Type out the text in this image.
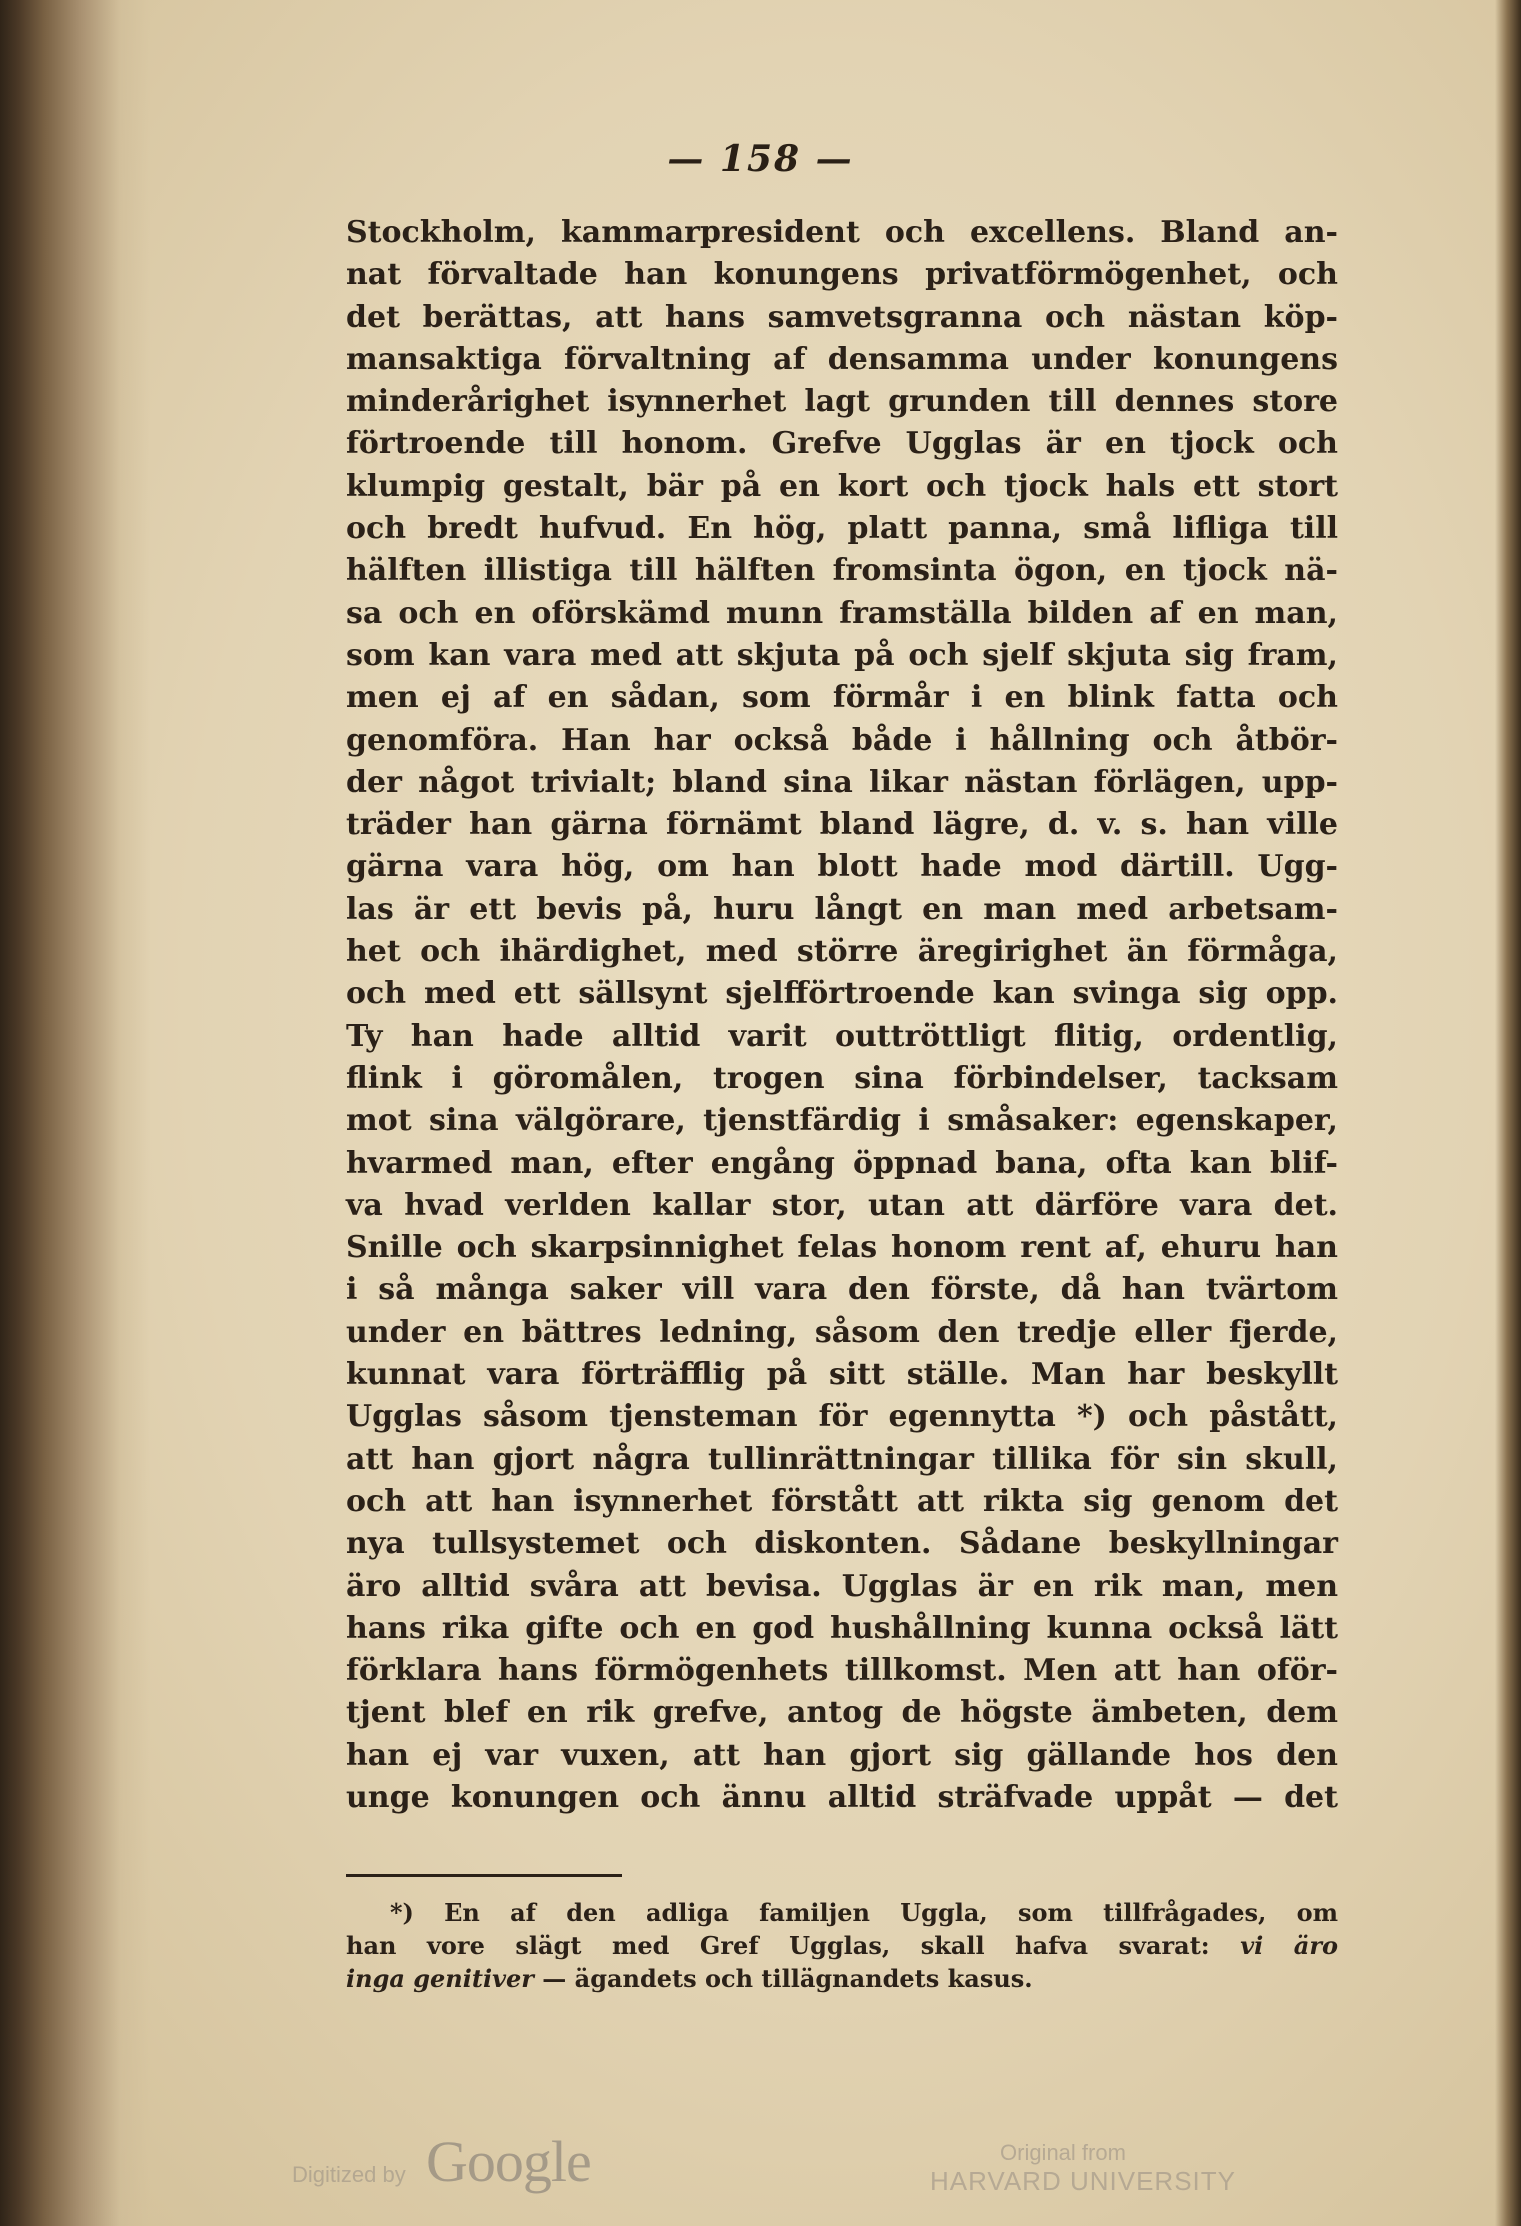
— 158 —
Stockholm, kammarpresident och excellens. Bland an-
nat förvaltade han konungens privatförmögenhet, och
det berättas, att hans samvetsgranna och nästan köp-
mansaktiga förvaltning af densamma under konungens
minderårighet isynnerhet lagt grunden till dennes store
förtroende till honom. Grefve Ugglas är en tjock och
klumpig gestalt, bär på en kort och tjock hals ett stort
och bredt hufvud. En hög, platt panna, små lifliga till
hälften illistiga till hälften fromsinta ögon, en tjock nä-
sa och en oförskämd munn framställa bilden af en man,
som kan vara med att skjuta på och sjelf skjuta sig fram,
men ej af en sådan, som förmår i en blink fatta och
genomföra. Han har också både i hållning och åtbör-
der något trivialt; bland sina likar nästan förlägen, upp-
träder han gärna förnämt bland lägre, d. v. s. han ville
gärna vara hög, om han blott hade mod därtill. Ugg-
las är ett bevis på, huru långt en man med arbetsam-
het och ihärdighet, med större äregirighet än förmåga,
och med ett sällsynt sjelfförtroende kan svinga sig opp.
Ty han hade alltid varit outtröttligt flitig, ordentlig,
flink i göromålen, trogen sina förbindelser, tacksam
mot sina välgörare, tjenstfärdig i småsaker: egenskaper,
hvarmed man, efter engång öppnad bana, ofta kan blif-
va hvad verlden kallar stor, utan att därföre vara det.
Snille och skarpsinnighet felas honom rent af, ehuru han
i så många saker vill vara den förste, då han tvärtom
under en bättres ledning, såsom den tredje eller fjerde,
kunnat vara förträfflig på sitt ställe. Man har beskyllt
Ugglas såsom tjensteman för egennytta *) och påstått,
att han gjort några tullinrättningar tillika för sin skull,
och att han isynnerhet förstått att rikta sig genom det
nya tullsystemet och diskonten. Sådane beskyllningar
äro alltid svåra att bevisa. Ugglas är en rik man, men
hans rika gifte och en god hushållning kunna också lätt
förklara hans förmögenhets tillkomst. Men att han oför-
tjent blef en rik grefve, antog de högste ämbeten, dem
han ej var vuxen, att han gjort sig gällande hos den
unge konungen och ännu alltid sträfvade uppåt — det
*) En af den adliga familjen Uggla, som tillfrågades, om
han vore slägt med Gref Ugglas, skall hafva svarat: vi äro
inga genitiver — ägandets och tillägnandets kasus.
Digitized by Google	Original from
HARVARD UNIVERSITY
